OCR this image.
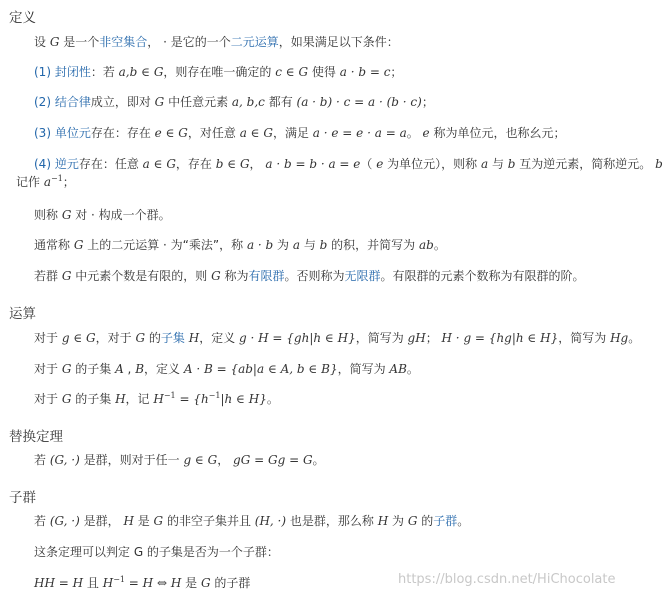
定义
设 G 是一个非空集合， · 是它的一个二元运算，如果满足以下条件：
(1) 封闭性：若 a,b ∈ G，则存在唯一确定的 c ∈ G 使得 a · b = c；
(2) 结合律成立，即对 G 中任意元素 a, b,c 都有 (a · b) · c = a · (b · c)；
(3) 单位元存在：存在 e ∈ G，对任意 a ∈ G，满足 a · e = e · a = a。 e 称为单位元，也称幺元；
(4) 逆元存在：任意 a ∈ G，存在 b ∈ G， a · b = b · a = e（ e 为单位元），则称 a 与 b 互为逆元素，简称逆元。 b
记作 $a^{-1}$；
则称 G 对 · 构成一个群。
通常称 G 上的二元运算 · 为“乘法”，称 a · b 为 a 与 b 的积，并简写为 ab。
若群 G 中元素个数是有限的，则 G 称为有限群。否则称为无限群。有限群的元素个数称为有限群的阶。
运算
对于 g ∈ G，对于 G 的子集 H，定义 g · H = {gh|h ∈ H}，简写为 gH； H · g = {hg|h ∈ H}，简写为 Hg。
对于 G 的子集 A , B，定义 A · B = {ab|a ∈ A, b ∈ B}，简写为 AB。
对于 G 的子集 H，记 $H^{-1} = \{h^{-1}|h$ ∈ H}。
替换定理
若 (G, ·) 是群，则对于任一 g ∈ G， gG = Gg = G。
子群
若 (G, ·) 是群， H 是 G 的非空子集并且 (H, ·) 也是群，那么称 H 为 G 的子群。
这条定理可以判定 G 的子集是否为一个子群：
HH = H 且 $H^{-1} = H$ ⇔ H 是 G 的子群	https://blog.csdn.net/HiChocolate
